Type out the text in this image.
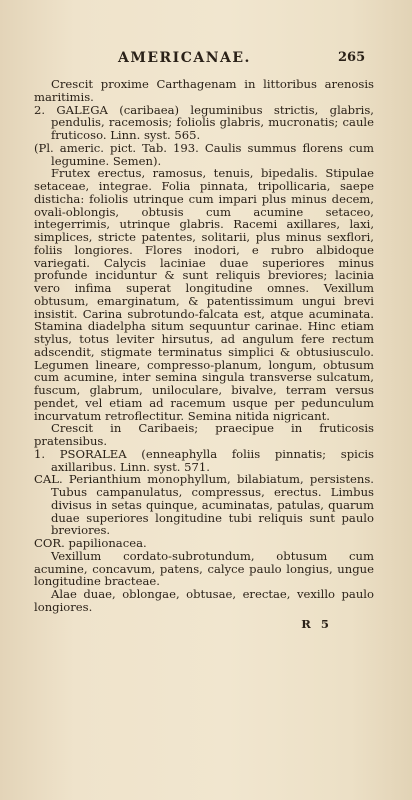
AMERICANAE.	265

Crescit proxime Carthagenam in littoribus arenosis maritimis.

2. GALEGA (caribaea) leguminibus strictis, glabris, pendulis, racemosis; foliolis glabris, mucronatis; caule fruticoso. Linn. syst. 565.

(Pl. americ. pict. Tab. 193. Caulis summus florens cum legumine. Semen).

Frutex erectus, ramosus, tenuis, bipedalis. Stipulae setaceae, integrae. Folia pinnata, tripollicaria, saepe disticha: foliolis utrinque cum impari plus minus decem, ovali-oblongis, obtusis cum acumine setaceo, integerrimis, utrinque glabris. Racemi axillares, laxi, simplices, stricte patentes, solitarii, plus minus sexflori, foliis longiores. Flores inodori, e rubro albidoque variegati. Calycis laciniae duae superiores minus profunde inciduntur & sunt reliquis breviores; lacinia vero infima superat longitudine omnes. Vexillum obtusum, emarginatum, & patentissimum ungui brevi insistit. Carina subrotundo-falcata est, atque acuminata. Stamina diadelpha situm sequuntur carinae. Hinc etiam stylus, totus leviter hirsutus, ad angulum fere rectum adscendit, stigmate terminatus simplici & obtusiusculo. Legumen lineare, compresso-planum, longum, obtusum cum acumine, inter semina singula transverse sulcatum, fuscum, glabrum, uniloculare, bivalve, terram versus pendet, vel etiam ad racemum usque per pedunculum incurvatum retroflectitur. Semina nitida nigricant.

Crescit in Caribaeis; praecipue in fruticosis pratensibus.

1. PSORALEA (enneaphylla foliis pinnatis; spicis axillaribus. Linn. syst. 571.

CAL. Perianthium monophyllum, bilabiatum, persistens. Tubus campanulatus, compressus, erectus. Limbus divisus in setas quinque, acuminatas, patulas, quarum duae superiores longitudine tubi reliquis sunt paulo breviores.

COR. papilionacea.

Vexillum cordato-subrotundum, obtusum cum acumine, concavum, patens, calyce paulo longius, ungue longitudine bracteae.

Alae duae, oblongae, obtusae, erectae, vexillo paulo longiores.

R 5
